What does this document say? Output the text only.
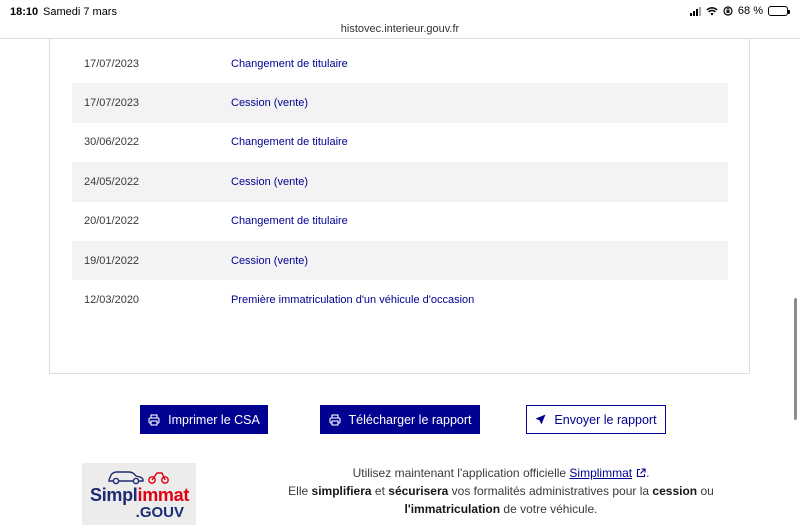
18:10 Samedi 7 mars	68 %
histovec.interieur.gouv.fr
17/07/2023	Changement de titulaire
17/07/2023	Cession (vente)
30/06/2022	Changement de titulaire
24/05/2022	Cession (vente)
20/01/2022	Changement de titulaire
19/01/2022	Cession (vente)
12/03/2020	Première immatriculation d'un véhicule d'occasion
Imprimer le CSA	Télécharger le rapport	Envoyer le rapport
Simplimmat
.GOUV
Utilisez maintenant l'application officielle Simplimmat .
Elle simplifiera et sécurisera vos formalités administratives pour la cession ou
l'immatriculation de votre véhicule.
